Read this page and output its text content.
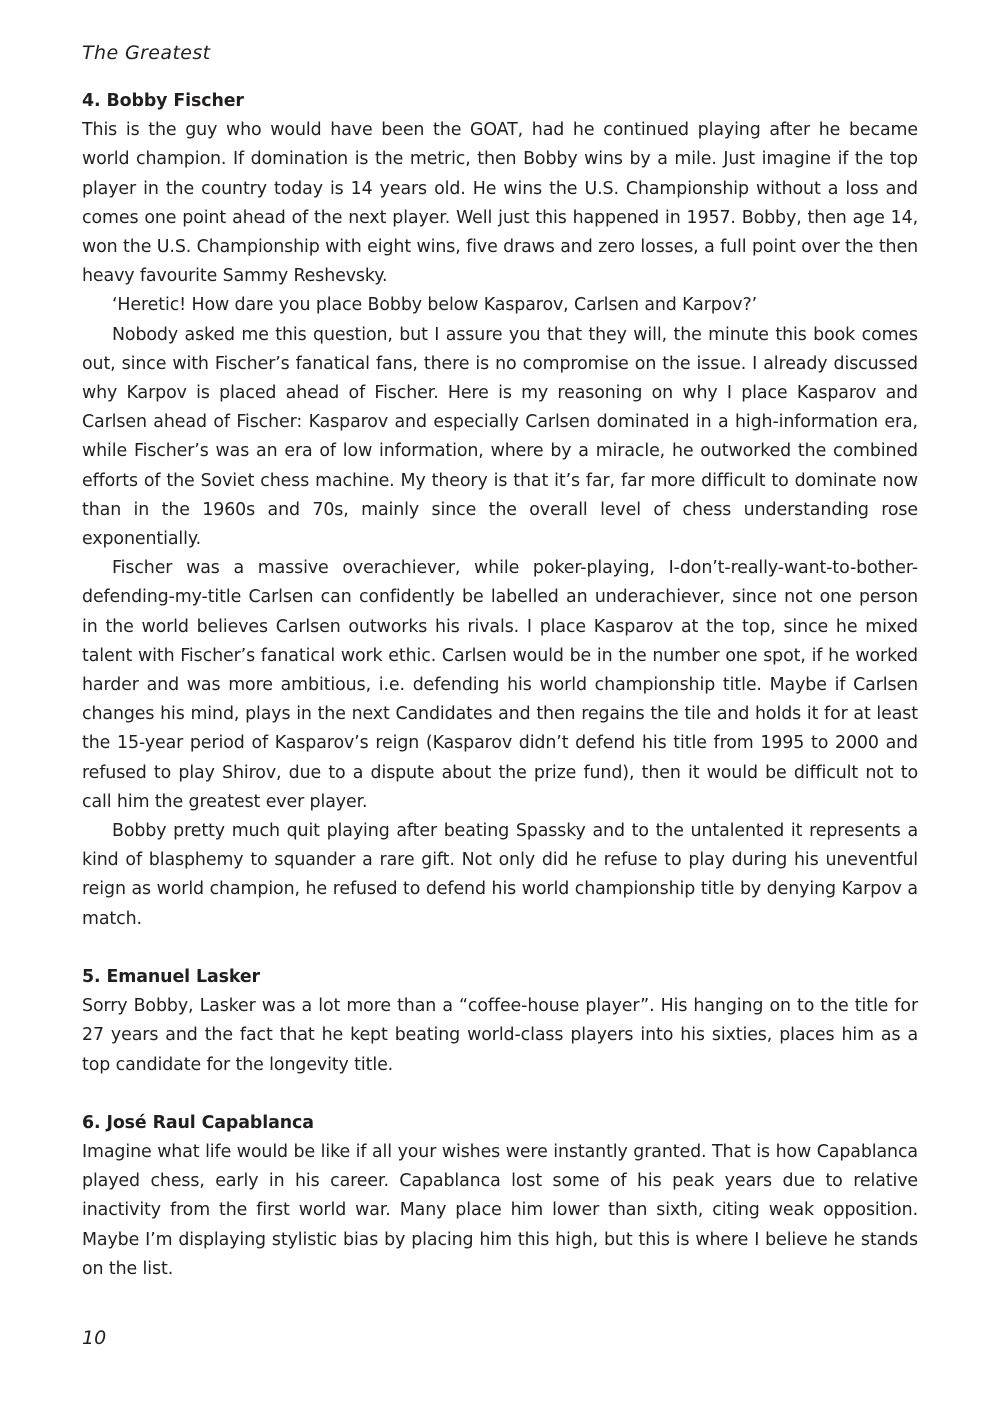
The Greatest
4. Bobby Fischer

This is the guy who would have been the GOAT, had he continued playing after he became world champion. If domination is the metric, then Bobby wins by a mile. Just imagine if the top player in the country today is 14 years old. He wins the U.S. Championship without a loss and comes one point ahead of the next player. Well just this happened in 1957. Bobby, then age 14, won the U.S. Championship with eight wins, five draws and zero losses, a full point over the then heavy favourite Sammy Reshevsky.

‘Heretic! How dare you place Bobby below Kasparov, Carlsen and Karpov?’

Nobody asked me this question, but I assure you that they will, the minute this book comes out, since with Fischer’s fanatical fans, there is no compromise on the issue. I already discussed why Karpov is placed ahead of Fischer. Here is my reasoning on why I place Kasparov and Carlsen ahead of Fischer: Kasparov and especially Carlsen dominated in a high-information era, while Fischer’s was an era of low information, where by a miracle, he outworked the combined efforts of the Soviet chess machine. My theory is that it’s far, far more difficult to dominate now than in the 1960s and 70s, mainly since the overall level of chess understanding rose exponentially.

Fischer was a massive overachiever, while poker-playing, I-don’t-really-want-to-bother-defending-my-title Carlsen can confidently be labelled an underachiever, since not one person in the world believes Carlsen outworks his rivals. I place Kasparov at the top, since he mixed talent with Fischer’s fanatical work ethic. Carlsen would be in the number one spot, if he worked harder and was more ambitious, i.e. defending his world championship title. Maybe if Carlsen changes his mind, plays in the next Candidates and then regains the tile and holds it for at least the 15-year period of Kasparov’s reign (Kasparov didn’t defend his title from 1995 to 2000 and refused to play Shirov, due to a dispute about the prize fund), then it would be difficult not to call him the greatest ever player.

Bobby pretty much quit playing after beating Spassky and to the untalented it represents a kind of blasphemy to squander a rare gift. Not only did he refuse to play during his uneventful reign as world champion, he refused to defend his world championship title by denying Karpov a match.

5. Emanuel Lasker

Sorry Bobby, Lasker was a lot more than a “coffee-house player”. His hanging on to the title for 27 years and the fact that he kept beating world-class players into his sixties, places him as a top candidate for the longevity title.

6. José Raul Capablanca

Imagine what life would be like if all your wishes were instantly granted. That is how Capablanca played chess, early in his career. Capablanca lost some of his peak years due to relative inactivity from the first world war. Many place him lower than sixth, citing weak opposition. Maybe I’m displaying stylistic bias by placing him this high, but this is where I believe he stands on the list.

10
